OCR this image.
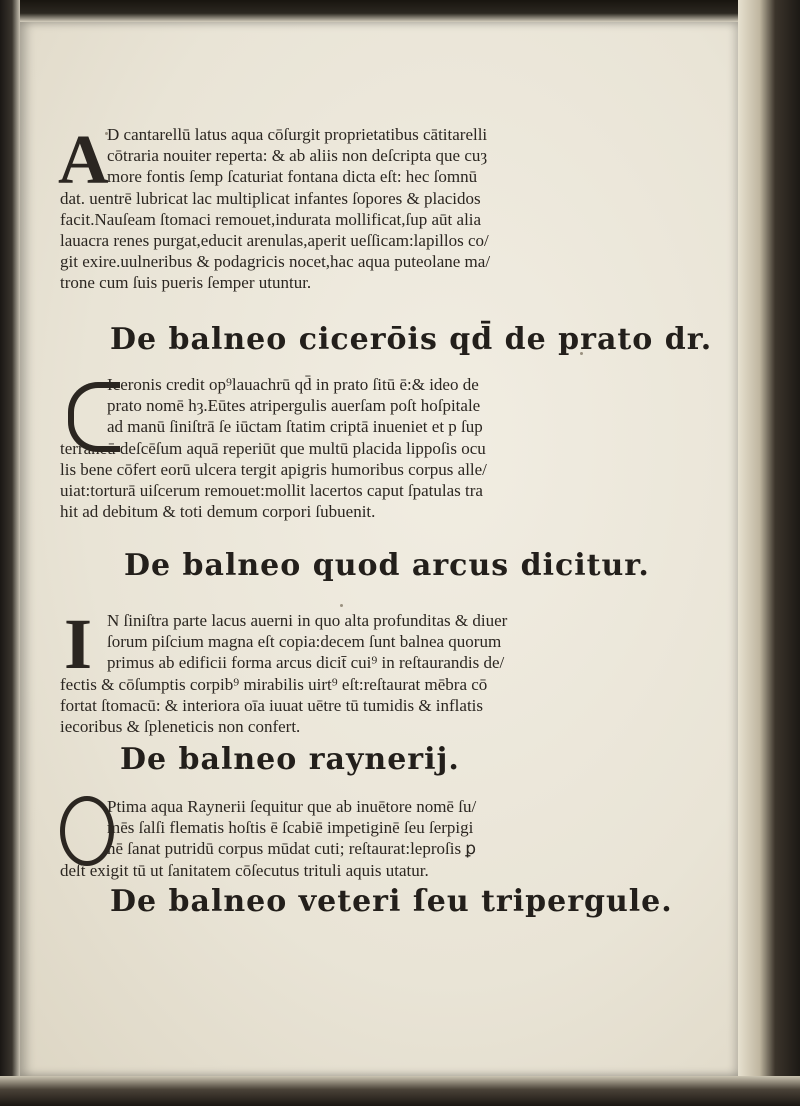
A
D cantarellū latus aqua cōſurgit proprietatibus cātitarelli
cōtraria nouiter reperta: & ab aliis non deſcripta que cuȝ
more fontis ſemp ſcaturiat fontana dicta eſt: hec ſomnū
dat. uentrē lubricat lac multiplicat infantes ſopores & placidos
facit.Nauſeam ſtomaci remouet,indurata mollificat,ſup aūt alia
lauacra renes purgat,educit arenulas,aperit ueſſicam:lapillos co/
git exire.uulneribus & podagricis nocet,hac aqua puteolane ma/
trone cum ſuis pueris ſemper utuntur.
De balneo cicerōis qd̄ de prato dr.
Iceronis credit op⁹lauachrū qd̄ in prato ſitū ē:& ideo de
prato nomē hȝ.Eūtes atripergulis auerſam poſt hoſpitale
ad manū ſiniſtrā ſe iūctam ſtatim criptā inueniet et p ſup
terraneū deſcēſum aquā reperiūt que multū placida lippoſis ocu
lis bene cōfert eorū ulcera tergit apigris humoribus corpus alle/
uiat:torturā uiſcerum remouet:mollit lacertos caput ſpatulas tra
hit ad debitum & toti demum corpori ſubuenit.
De balneo quod arcus dicitur.
I N ſiniſtra parte lacus auerni in quo alta profunditas & diuer
ſorum piſcium magna eſt copia:decem ſunt balnea quorum
primus ab edificii forma arcus dicit̄ cui⁹ in reſtaurandis de/
fectis & cōſumptis corpib⁹ mirabilis uirt⁹ eſt:reſtaurat mēbra cō
fortat ſtomacū: & interiora oīa iuuat uētre tū tumidis & inflatis
iecoribus & ſpleneticis non confert.
De balneo raynerij.
Ptima aqua Raynerii ſequitur que ab inuētore nomē ſu/
mēs ſalſi flematis hoſtis ē ſcabiē impetiginē ſeu ſerpigi
nē ſanat putridū corpus mūdat cuti; reſtaurat:leproſis ꝑ
deſt exigit tū ut ſanitatem cōſecutus trituli aquis utatur.
De balneo veteri ſeu tripergule.
